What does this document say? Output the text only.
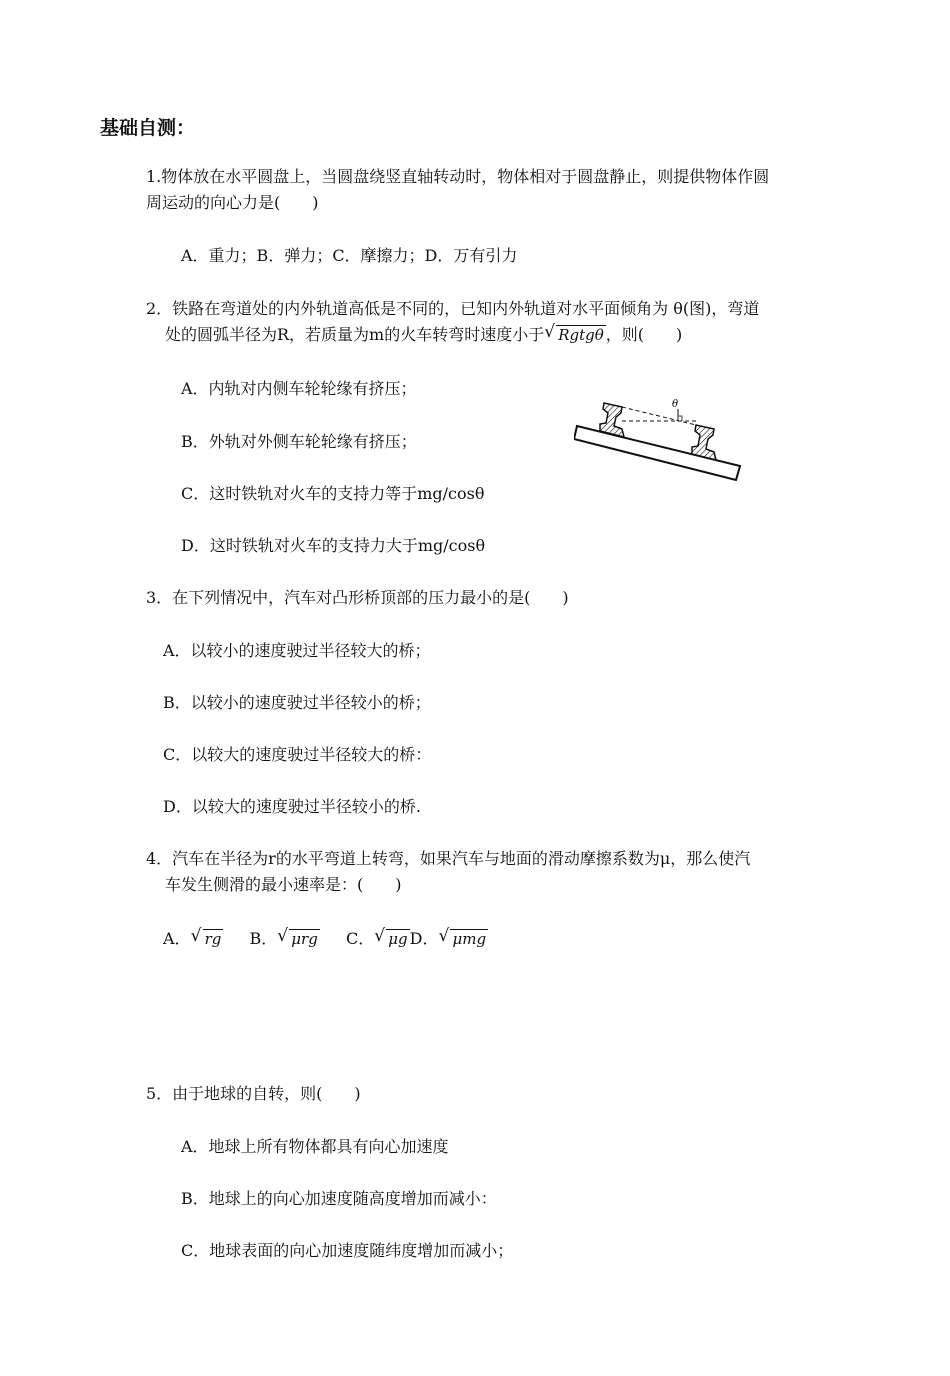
基础自测：
1.物体放在水平圆盘上，当圆盘绕竖直轴转动时，物体相对于圆盘静止，则提供物体作圆
周运动的向心力是(　　)
A．重力；B．弹力；C．摩擦力；D．万有引力
2．铁路在弯道处的内外轨道高低是不同的，已知内外轨道对水平面倾角为 θ(图)，弯道
处的圆弧半径为R，若质量为m的火车转弯时速度小于 √ Rgtgθ ，则(　　)
A．内轨对内侧车轮轮缘有挤压；
B．外轨对外侧车轮轮缘有挤压；
C．这时铁轨对火车的支持力等于mg/cosθ
D．这时铁轨对火车的支持力大于mg/cosθ
θ
3．在下列情况中，汽车对凸形桥顶部的压力最小的是(　　)
A．以较小的速度驶过半径较大的桥；
B．以较小的速度驶过半径较小的桥；
C．以较大的速度驶过半径较大的桥：
D．以较大的速度驶过半径较小的桥.
4．汽车在半径为r的水平弯道上转弯，如果汽车与地面的滑动摩擦系数为μ，那么使汽
车发生侧滑的最小速率是：(　　)
A． √ rg B． √ μrg C． √ μg D． √ μmg
5．由于地球的自转，则(　　)
A．地球上所有物体都具有向心加速度
B．地球上的向心加速度随高度增加而减小：
C．地球表面的向心加速度随纬度增加而减小；
